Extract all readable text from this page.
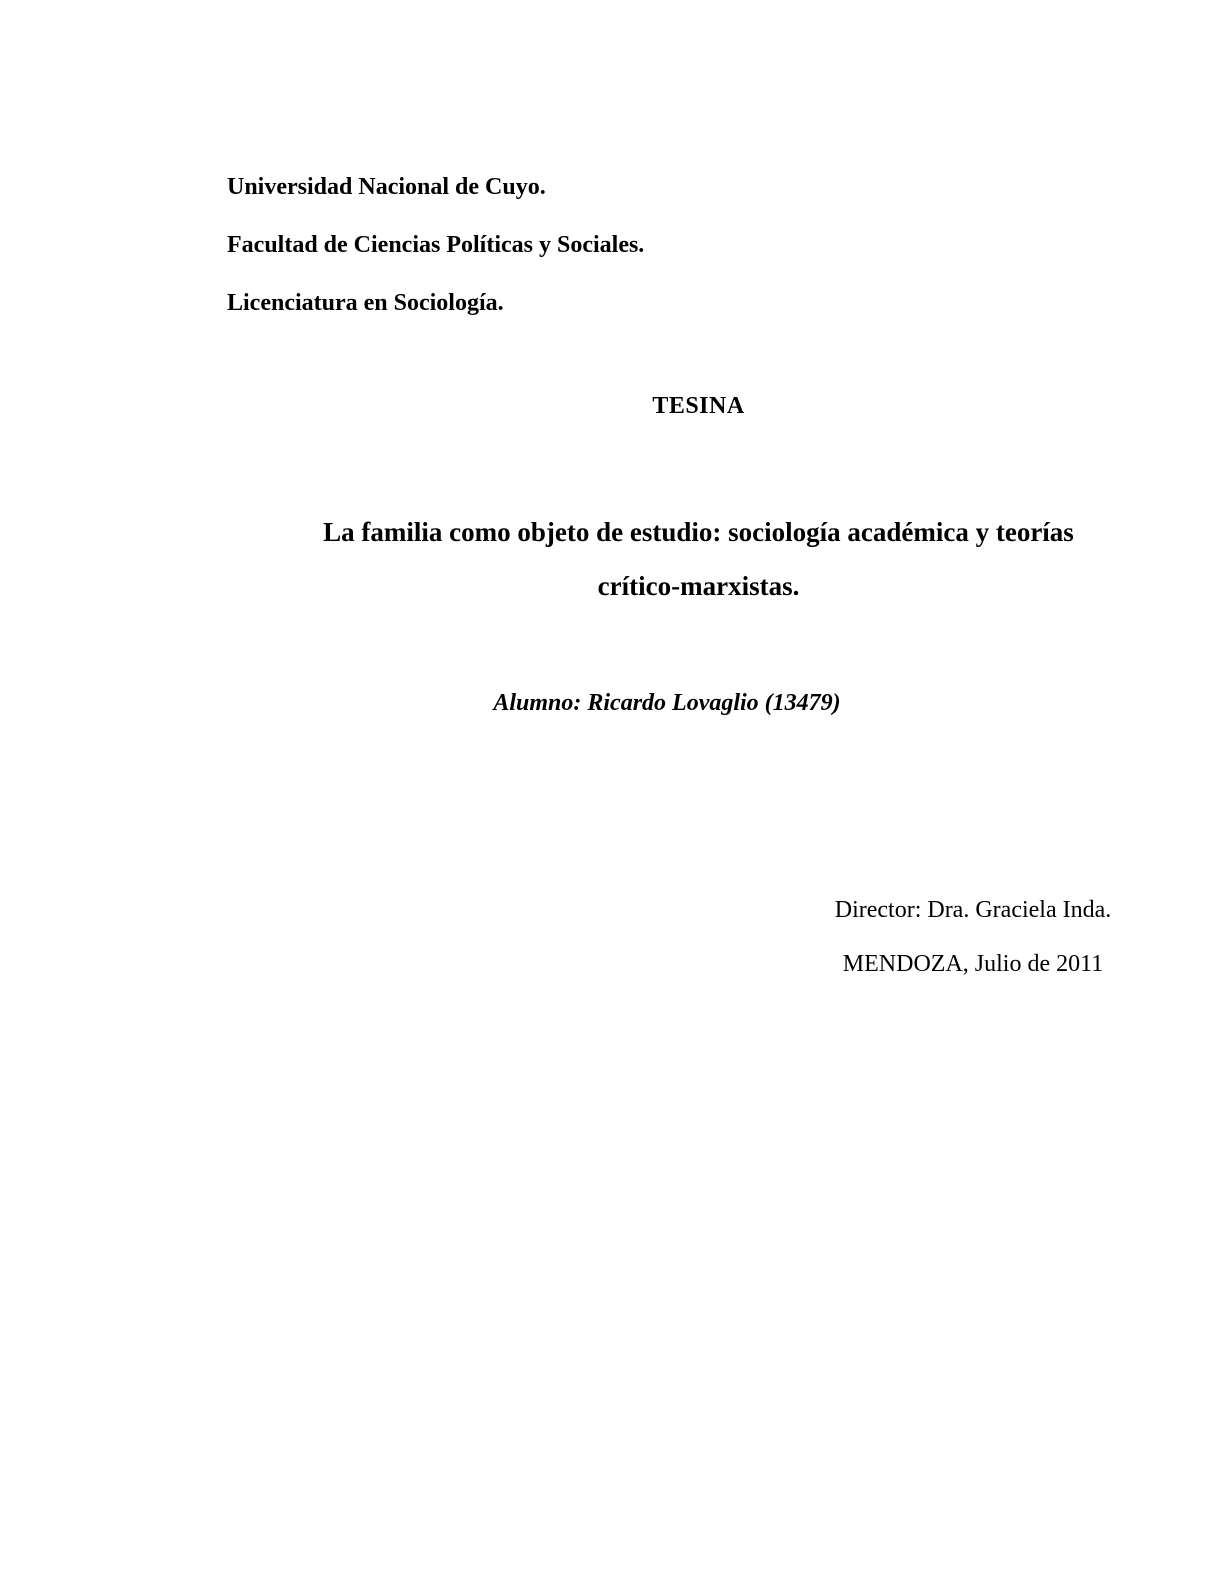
Universidad Nacional de Cuyo.
Facultad de Ciencias Políticas y Sociales.
Licenciatura en Sociología.
TESINA
La familia como objeto de estudio: sociología académica y teorías
crítico-marxistas.
Alumno: Ricardo Lovaglio (13479)
Director: Dra. Graciela Inda.
MENDOZA, Julio de 2011
